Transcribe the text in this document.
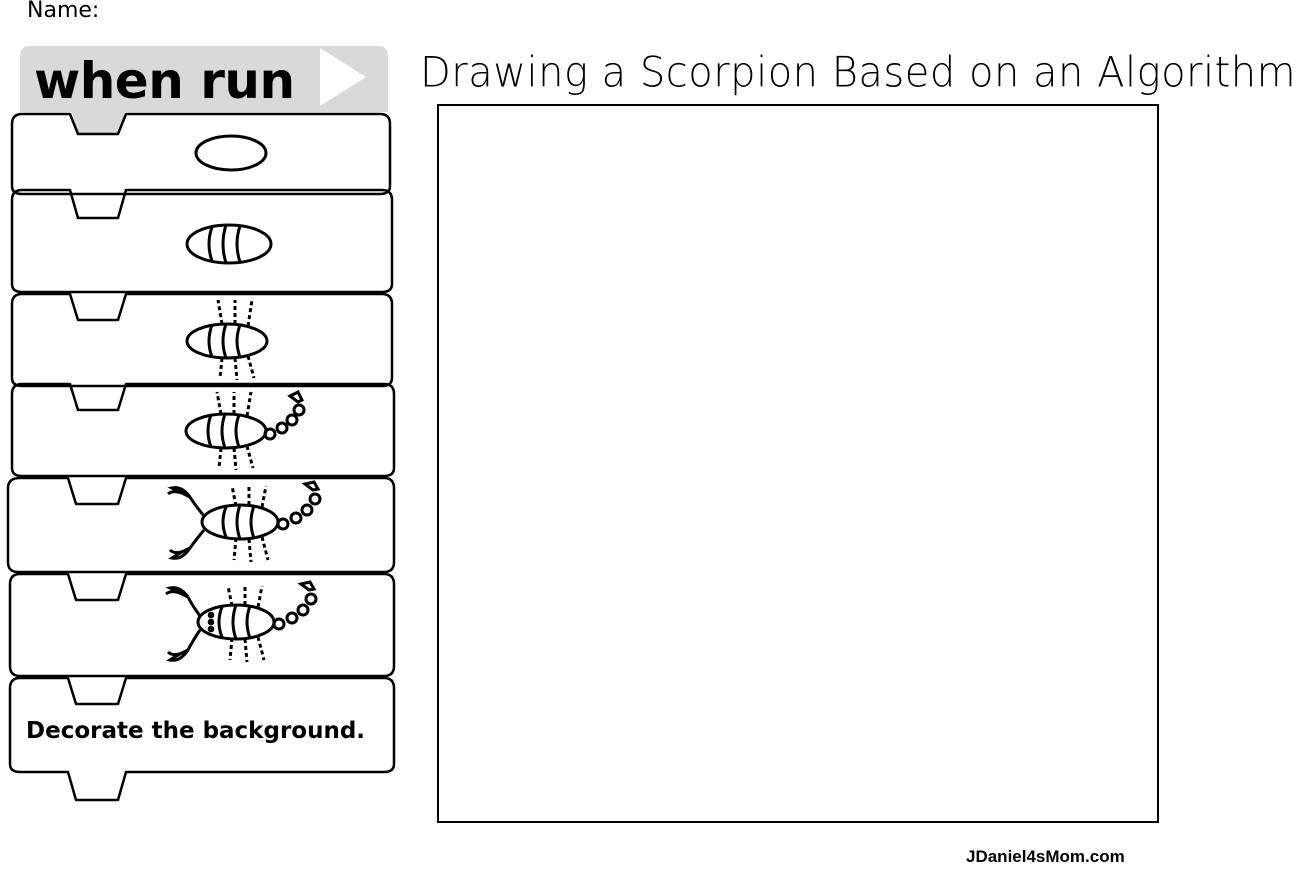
Name:
when run
Decorate the background.
Drawing a Scorpion Based on an Algorithm
JDaniel4sMom.com
